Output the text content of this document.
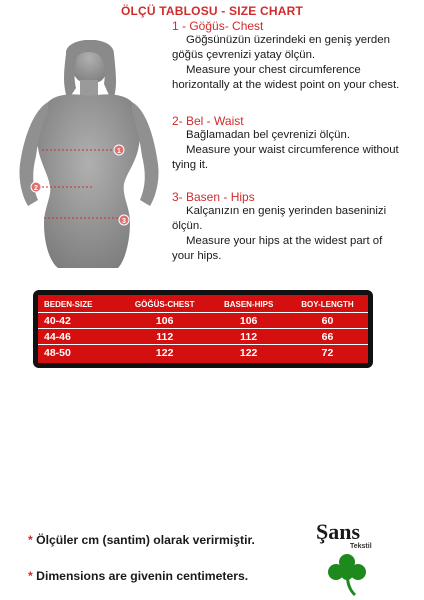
ÖLÇÜ TABLOSU - SIZE CHART
1
2
3
1 - Göğüs- Chest
Göğsünüzün üzerindeki en geniş yerden
göğüs çevrenizi yatay ölçün.
Measure your chest circumference
horizontally at the widest point on your chest.
2- Bel - Waist
Bağlamadan bel çevrenizi ölçün.
Measure your waist circumference without
tying it.
3- Basen - Hips
Kalçanızın en geniş yerinden baseninizi
ölçün.
Measure your hips at the widest part of
your hips.
BEDEN-SIZE	GÖĞÜS-CHEST	BASEN-HIPS	BOY-LENGTH
40-42	106	106	60
44-46	112	112	66
48-50	122	122	72
* Ölçüler cm (santim) olarak verirmiştir.
* Dimensions are givenin centimeters.
Şans
Tekstil
